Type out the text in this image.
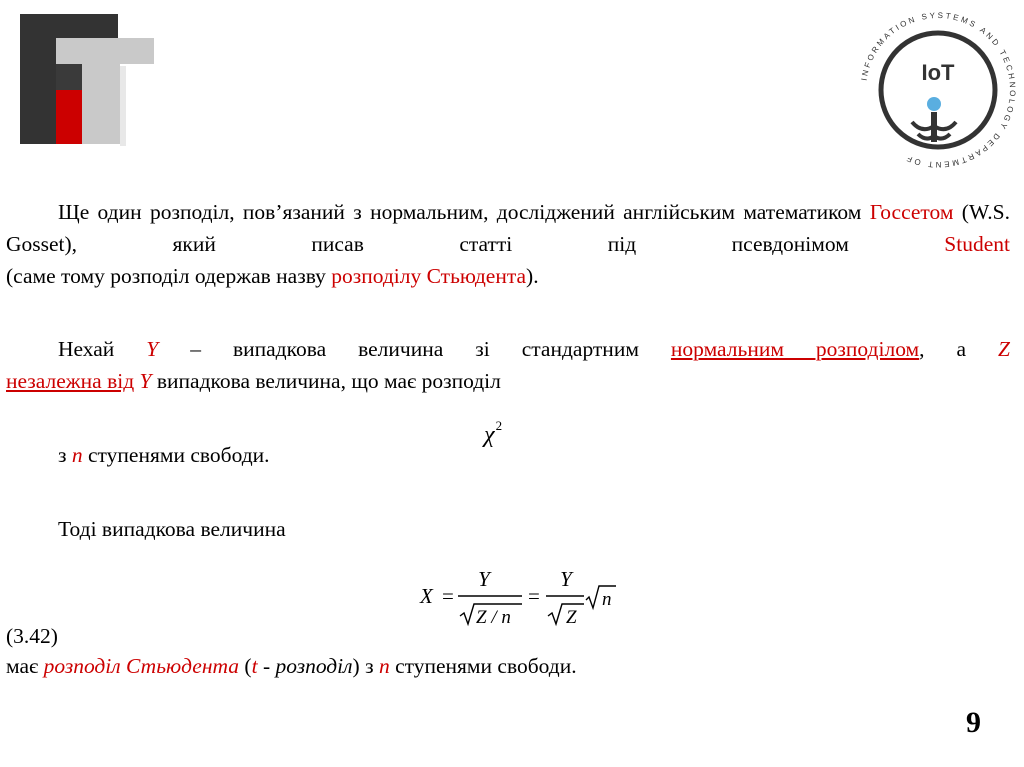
INFORMATION SYSTEMS AND TECHNOLOGY DEPARTMENT OF
IoT

Ще один розподіл, пов’язаний з нормальним, досліджений англійським математиком Госсетом (W.S. Gosset), який писав статті під псевдонімом Student

(саме тому розподіл одержав назву розподілу Стьюдента).

Нехай Y – випадкова величина зі стандартним нормальним розподілом, а Z

незалежна від Y випадкова величина, що має розподіл

$\chi^2$

з n ступенями свободи.

Тоді випадкова величина

X
Y	Y
=	=
Z / n	Z
n

(3.42)

має розподіл Стьюдента (t - розподіл) з n ступенями свободи.

9
